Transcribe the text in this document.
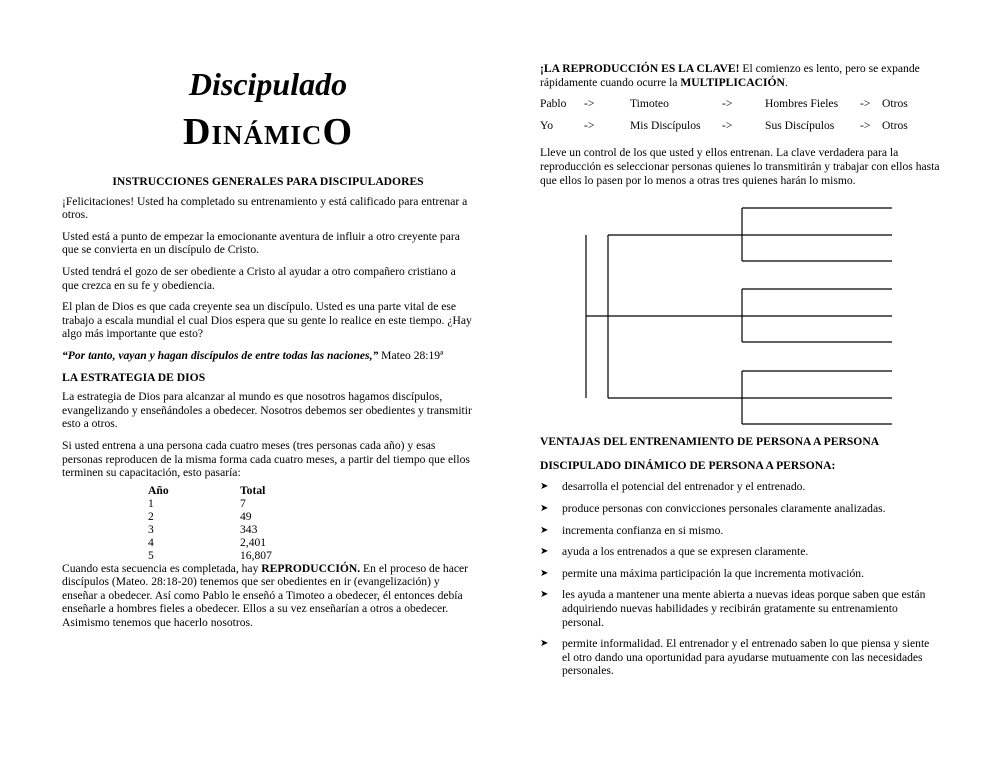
Discipulado
DINÁMICO
INSTRUCCIONES GENERALES PARA DISCIPULADORES

¡Felicitaciones! Usted ha completado su entrenamiento y está calificado para entrenar a otros.

Usted está a punto de empezar la emocionante aventura de influir a otro creyente para que se convierta en un discípulo de Cristo.

Usted tendrá el gozo de ser obediente a Cristo al ayudar a otro compañero cristiano a que crezca en su fe y obediencia.

El plan de Dios es que cada creyente sea un discípulo. Usted es una parte vital de ese trabajo a escala mundial el cual Dios espera que su gente lo realice en este tiempo. ¿Hay algo más importante que esto?

“Por tanto, vayan y hagan discípulos de entre todas las naciones,” Mateo 28:19ª

LA ESTRATEGIA DE DIOS

La estrategia de Dios para alcanzar al mundo es que nosotros hagamos discípulos, evangelizando y enseñándoles a obedecer. Nosotros debemos ser obedientes y transmitir esto a otros.

Si usted entrena a una persona cada cuatro meses (tres personas cada año) y esas personas reproducen de la misma forma cada cuatro meses, a partir del tiempo que ellos terminen su capacitación, esto pasaría:

Año	Total
1	7
2	49
3	343
4	2,401
5	16,807

Cuando esta secuencia es completada, hay REPRODUCCIÓN. En el proceso de hacer discípulos (Mateo. 28:18-20) tenemos que ser obedientes en ir (evangelización) y enseñar a obedecer. Así como Pablo le enseñó a Timoteo a obedecer, él entonces debía enseñarle a hombres fieles a obedecer. Ellos a su vez enseñarían a otros a obedecer. Asimismo tenemos que hacerlo nosotros.

¡LA REPRODUCCIÓN ES LA CLAVE! El comienzo es lento, pero se expande rápidamente cuando ocurre la MULTIPLICACIÓN.

Pablo	->	Timoteo	->	Hombres Fieles	->	Otros
Yo	->	Mis Discípulos	->	Sus Discípulos	->	Otros

Lleve un control de los que usted y ellos entrenan. La clave verdadera para la reproducción es seleccionar personas quienes lo transmitirán y trabajar con ellos hasta que ellos lo pasen por lo menos a otras tres quienes harán lo mismo.

VENTAJAS DEL ENTRENAMIENTO DE PERSONA A PERSONA
DISCIPULADO DINÁMICO DE PERSONA A PERSONA:
➤ desarrolla el potencial del entrenador y el entrenado.
➤ produce personas con convicciones personales claramente analizadas.
➤ incrementa confianza en si mismo.
➤ ayuda a los entrenados a que se expresen claramente.
➤ permite una máxima participación la que incrementa motivación.
➤ les ayuda a mantener una mente abierta a nuevas ideas porque saben que están adquiriendo nuevas habilidades y recibirán gratamente su entrenamiento personal.
➤ permite informalidad. El entrenador y el entrenado saben lo que piensa y siente el otro dando una oportunidad para ayudarse mutuamente con las necesidades personales.
